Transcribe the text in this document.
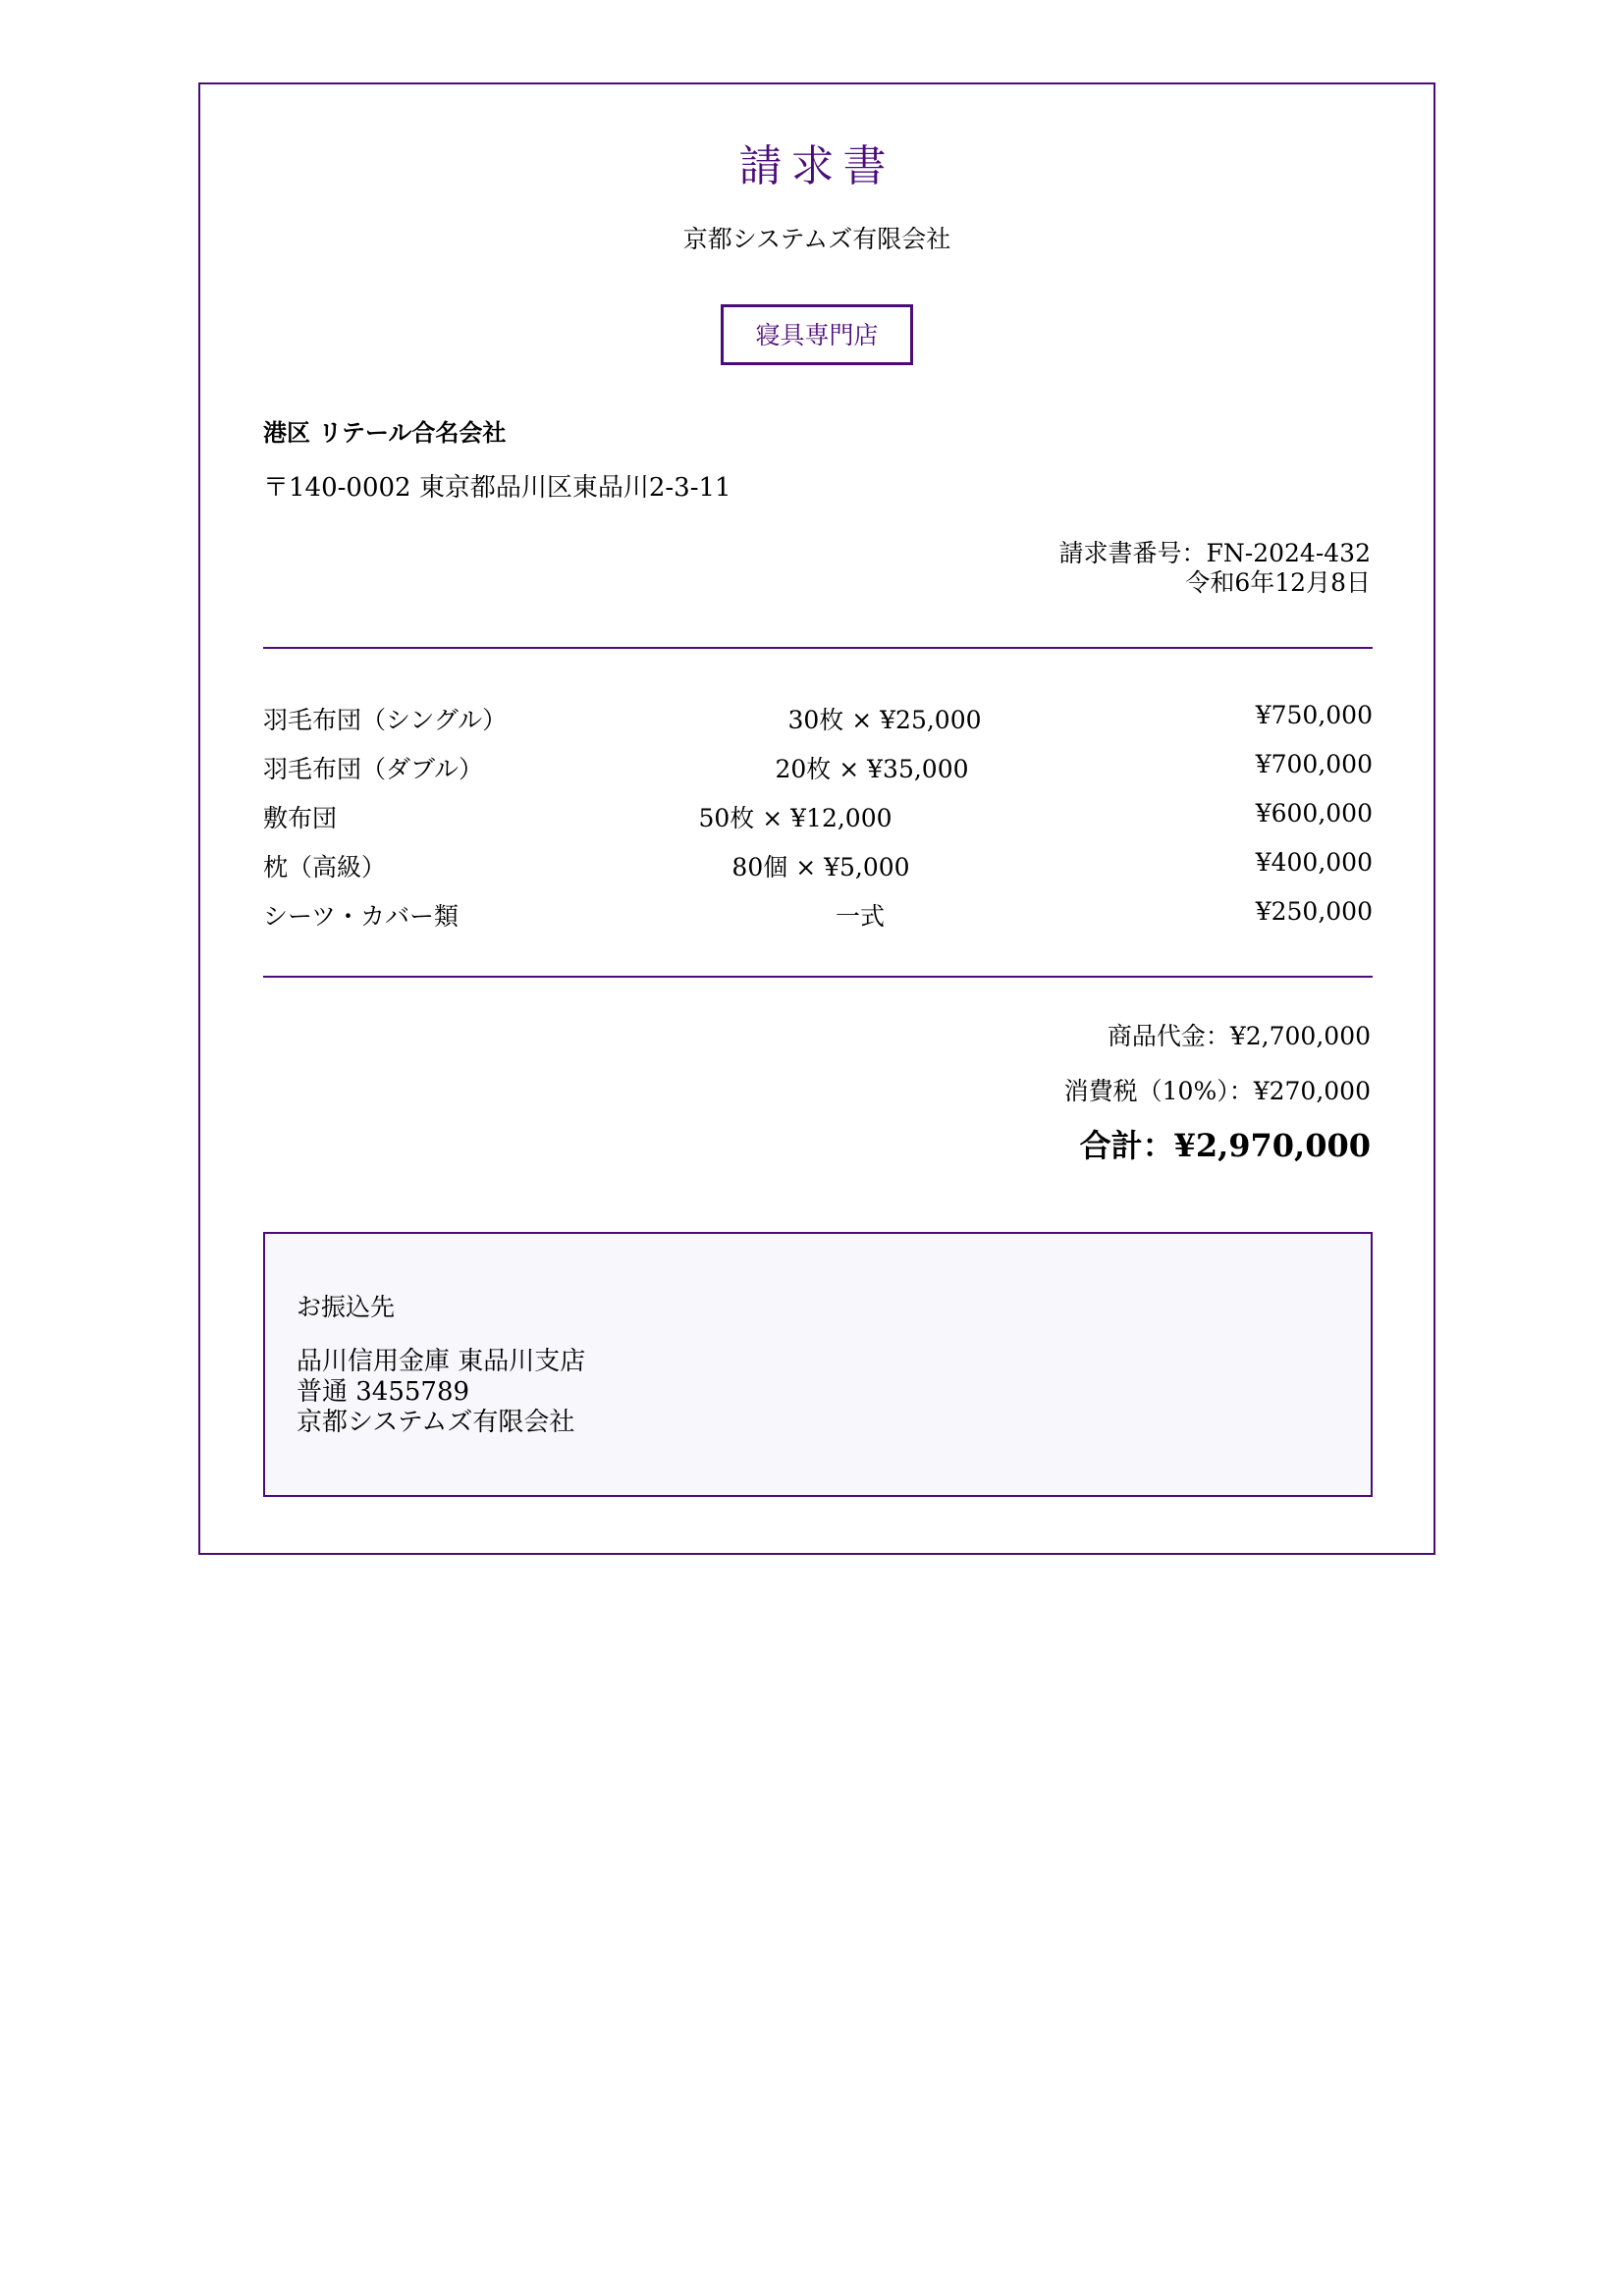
請求書
京都システムズ有限会社
寝具専門店
港区 リテール合名会社
〒140-0002 東京都品川区東品川2-3-11
請求書番号：FN-2024-432
令和6年12月8日
羽毛布団（シングル）	30枚 × ¥25,000	¥750,000
羽毛布団（ダブル）	20枚 × ¥35,000	¥700,000
敷布団	50枚 × ¥12,000	¥600,000
枕（高級）	80個 × ¥5,000	¥400,000
シーツ・カバー類	一式	¥250,000
商品代金：¥2,700,000
消費税（10%）：¥270,000
合計：¥2,970,000
お振込先
品川信用金庫 東品川支店
普通 3455789
京都システムズ有限会社
